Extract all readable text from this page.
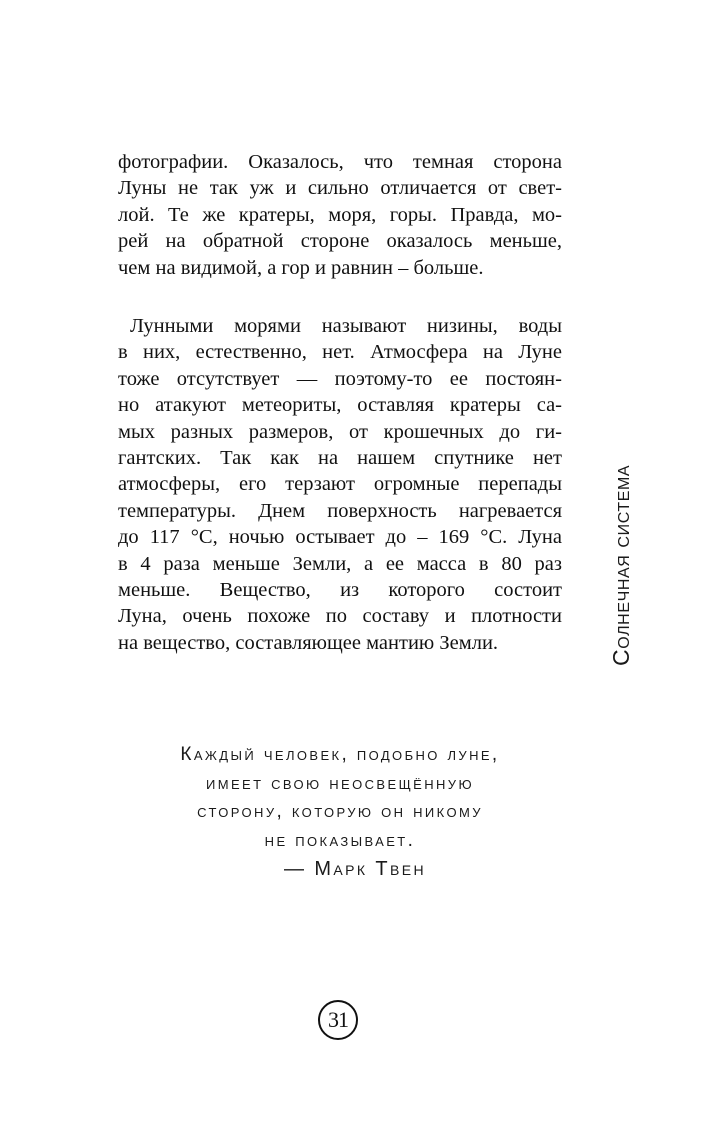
фотографии. Оказалось, что темная сторона
Луны не так уж и сильно отличается от свет-
лой. Те же кратеры, моря, горы. Правда, мо-
рей на обратной стороне оказалось меньше,
чем на видимой, а гор и равнин – больше.
Лунными морями называют низины, воды
в них, естественно, нет. Атмосфера на Луне
тоже отсутствует — поэтому-то ее постоян-
но атакуют метеориты, оставляя кратеры са-
мых разных размеров, от крошечных до ги-
гантских. Так как на нашем спутнике нет
атмосферы, его терзают огромные перепады
температуры. Днем поверхность нагревается
до 117 °С, ночью остывает до – 169 °С. Луна
в 4 раза меньше Земли, а ее масса в 80 раз
меньше. Вещество, из которого состоит
Луна, очень похоже по составу и плотности
на вещество, составляющее мантию Земли.
Каждый человек, подобно луне,
имеет свою неосвещённую
сторону, которую он никому
не показывает.
— Марк Твен
Солнечная система
31
